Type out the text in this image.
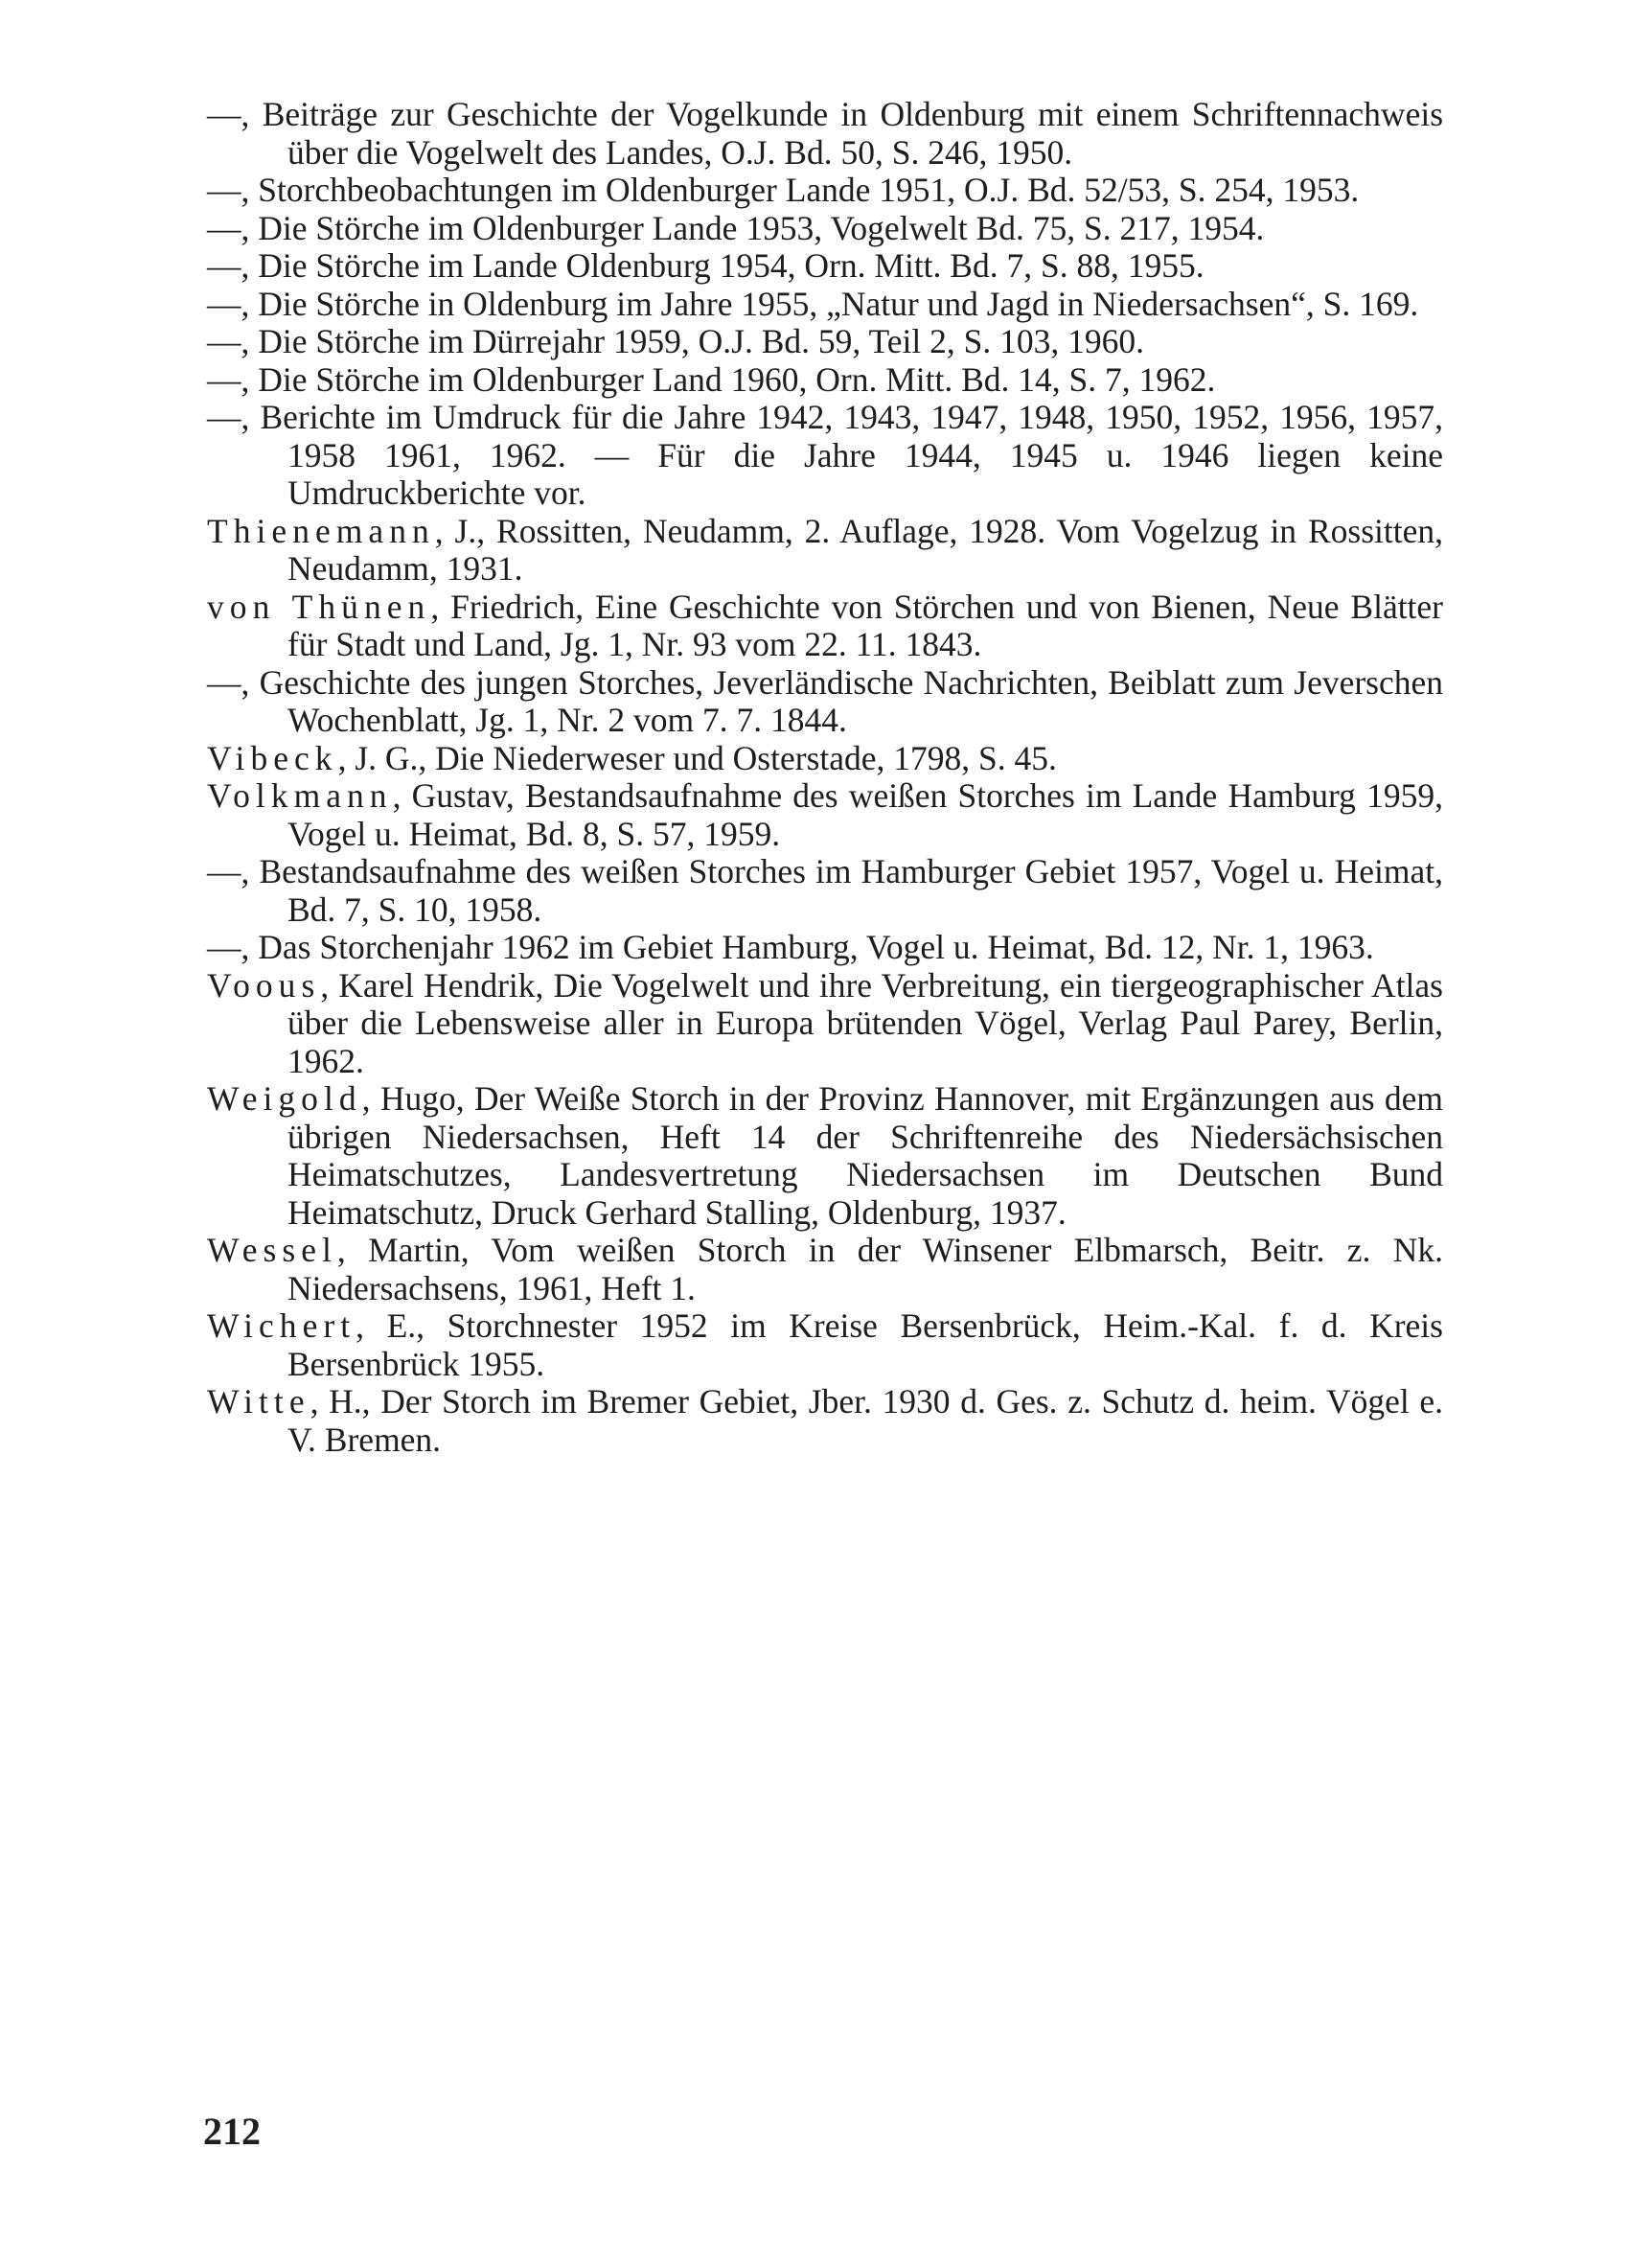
—, Beiträge zur Geschichte der Vogelkunde in Oldenburg mit einem Schriftennachweis über die Vogelwelt des Landes, O.J. Bd. 50, S. 246, 1950.

—, Storchbeobachtungen im Oldenburger Lande 1951, O.J. Bd. 52/53, S. 254, 1953.

—, Die Störche im Oldenburger Lande 1953, Vogelwelt Bd. 75, S. 217, 1954.

—, Die Störche im Lande Oldenburg 1954, Orn. Mitt. Bd. 7, S. 88, 1955.

—, Die Störche in Oldenburg im Jahre 1955, „Natur und Jagd in Niedersachsen“, S. 169.

—, Die Störche im Dürrejahr 1959, O.J. Bd. 59, Teil 2, S. 103, 1960.

—, Die Störche im Oldenburger Land 1960, Orn. Mitt. Bd. 14, S. 7, 1962.

—, Berichte im Umdruck für die Jahre 1942, 1943, 1947, 1948, 1950, 1952, 1956, 1957, 1958 1961, 1962. — Für die Jahre 1944, 1945 u. 1946 liegen keine Umdruckberichte vor.

Thienemann, J., Rossitten, Neudamm, 2. Auflage, 1928. Vom Vogelzug in Rossitten, Neudamm, 1931.

von Thünen, Friedrich, Eine Geschichte von Störchen und von Bienen, Neue Blätter für Stadt und Land, Jg. 1, Nr. 93 vom 22. 11. 1843.

—, Geschichte des jungen Storches, Jeverländische Nachrichten, Beiblatt zum Jeverschen Wochenblatt, Jg. 1, Nr. 2 vom 7. 7. 1844.

Vibeck, J. G., Die Niederweser und Osterstade, 1798, S. 45.

Volkmann, Gustav, Bestandsaufnahme des weißen Storches im Lande Hamburg 1959, Vogel u. Heimat, Bd. 8, S. 57, 1959.

—, Bestandsaufnahme des weißen Storches im Hamburger Gebiet 1957, Vogel u. Heimat, Bd. 7, S. 10, 1958.

—, Das Storchenjahr 1962 im Gebiet Hamburg, Vogel u. Heimat, Bd. 12, Nr. 1, 1963.

Voous, Karel Hendrik, Die Vogelwelt und ihre Verbreitung, ein tiergeographischer Atlas über die Lebensweise aller in Europa brütenden Vögel, Verlag Paul Parey, Berlin, 1962.

Weigold, Hugo, Der Weiße Storch in der Provinz Hannover, mit Ergänzungen aus dem übrigen Niedersachsen, Heft 14 der Schriftenreihe des Niedersächsischen Heimatschutzes, Landesvertretung Niedersachsen im Deutschen Bund Heimatschutz, Druck Gerhard Stalling, Oldenburg, 1937.

Wessel, Martin, Vom weißen Storch in der Winsener Elbmarsch, Beitr. z. Nk. Niedersachsens, 1961, Heft 1.

Wichert, E., Storchnester 1952 im Kreise Bersenbrück, Heim.-Kal. f. d. Kreis Bersenbrück 1955.

Witte, H., Der Storch im Bremer Gebiet, Jber. 1930 d. Ges. z. Schutz d. heim. Vögel e. V. Bremen.

212
